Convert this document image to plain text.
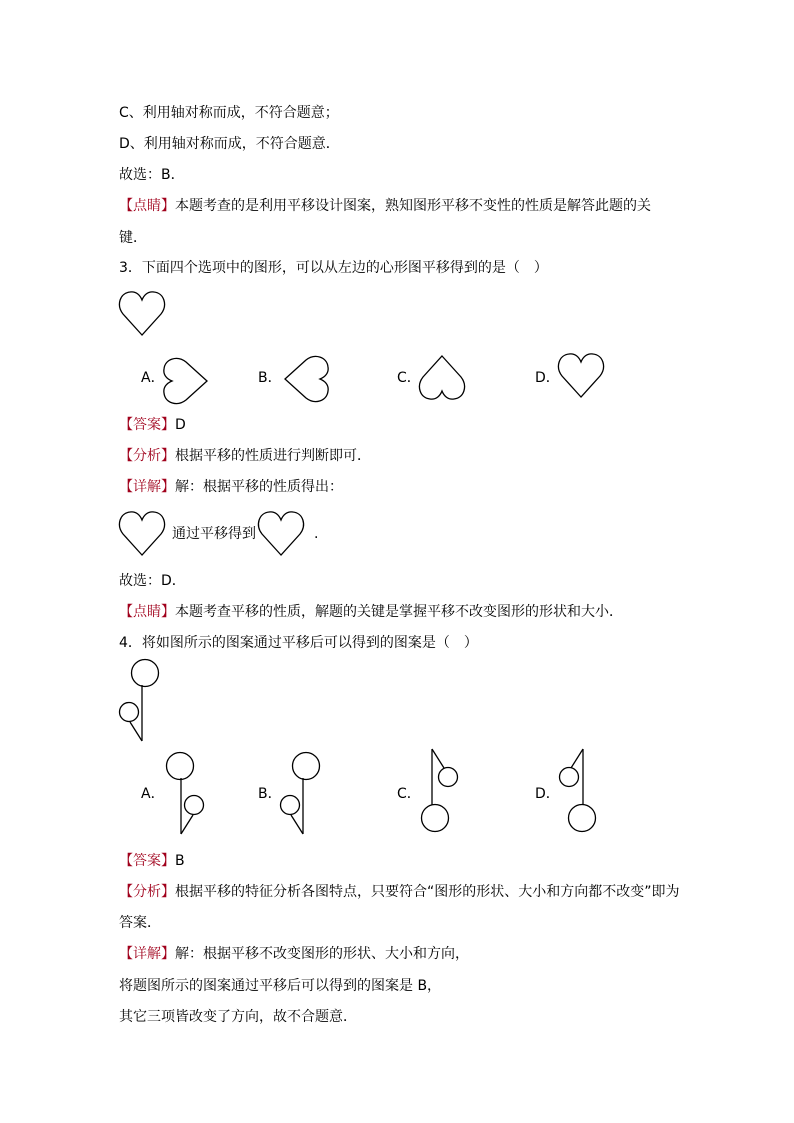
C、利用轴对称而成，不符合题意；
D、利用轴对称而成，不符合题意．
故选：B．
【点睛】本题考查的是利用平移设计图案，熟知图形平移不变性的性质是解答此题的关
键．
3．下面四个选项中的图形，可以从左边的心形图平移得到的是（　）
A．	B．	C．	D．
【答案】D
【分析】根据平移的性质进行判断即可．
【详解】解：根据平移的性质得出：
通过平移得到	.
故选：D．
【点睛】本题考查平移的性质，解题的关键是掌握平移不改变图形的形状和大小．
4．将如图所示的图案通过平移后可以得到的图案是（　）
A．	B．	C．	D．
【答案】B
【分析】根据平移的特征分析各图特点，只要符合“图形的形状、大小和方向都不改变”即为
答案．
【详解】解：根据平移不改变图形的形状、大小和方向，
将题图所示的图案通过平移后可以得到的图案是 B，
其它三项皆改变了方向，故不合题意．
